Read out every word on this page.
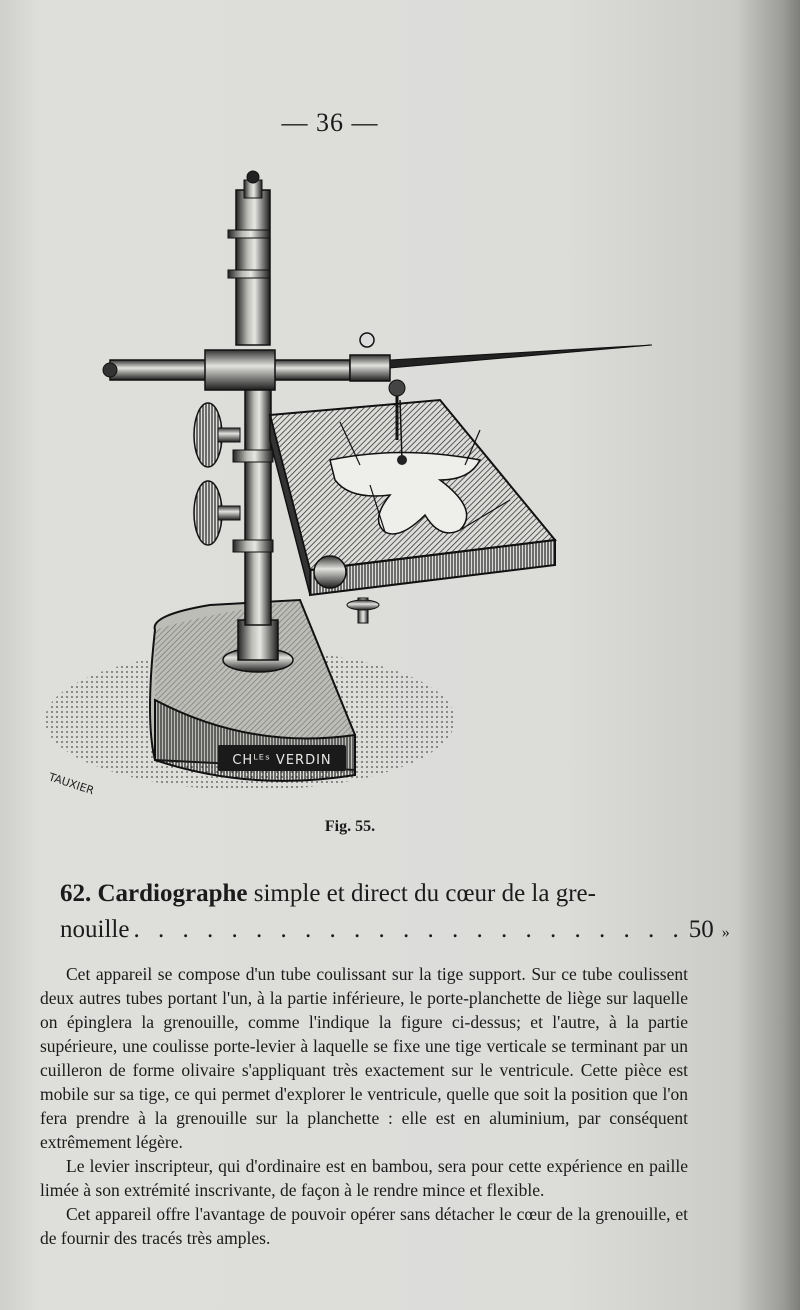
— 36 —
CHᴸᴱˢ VERDIN
TAUXIER
Fig. 55.
62. Cardiographe simple et direct du cœur de la gre-
nouille . . . . . . . . . . . . . . . . . . . . . . . 50 »

Cet appareil se compose d'un tube coulissant sur la tige support. Sur ce tube coulissent deux autres tubes portant l'un, à la partie inférieure, le porte-planchette de liège sur laquelle on épinglera la grenouille, comme l'indique la figure ci-dessus; et l'autre, à la partie supérieure, une coulisse porte-levier à laquelle se fixe une tige verticale se terminant par un cuilleron de forme olivaire s'appliquant très exactement sur le ventricule. Cette pièce est mobile sur sa tige, ce qui permet d'explorer le ventricule, quelle que soit la position que l'on fera prendre à la grenouille sur la planchette : elle est en aluminium, par conséquent extrêmement légère.

Le levier inscripteur, qui d'ordinaire est en bambou, sera pour cette expérience en paille limée à son extrémité inscrivante, de façon à le rendre mince et flexible.

Cet appareil offre l'avantage de pouvoir opérer sans détacher le cœur de la grenouille, et de fournir des tracés très amples.
